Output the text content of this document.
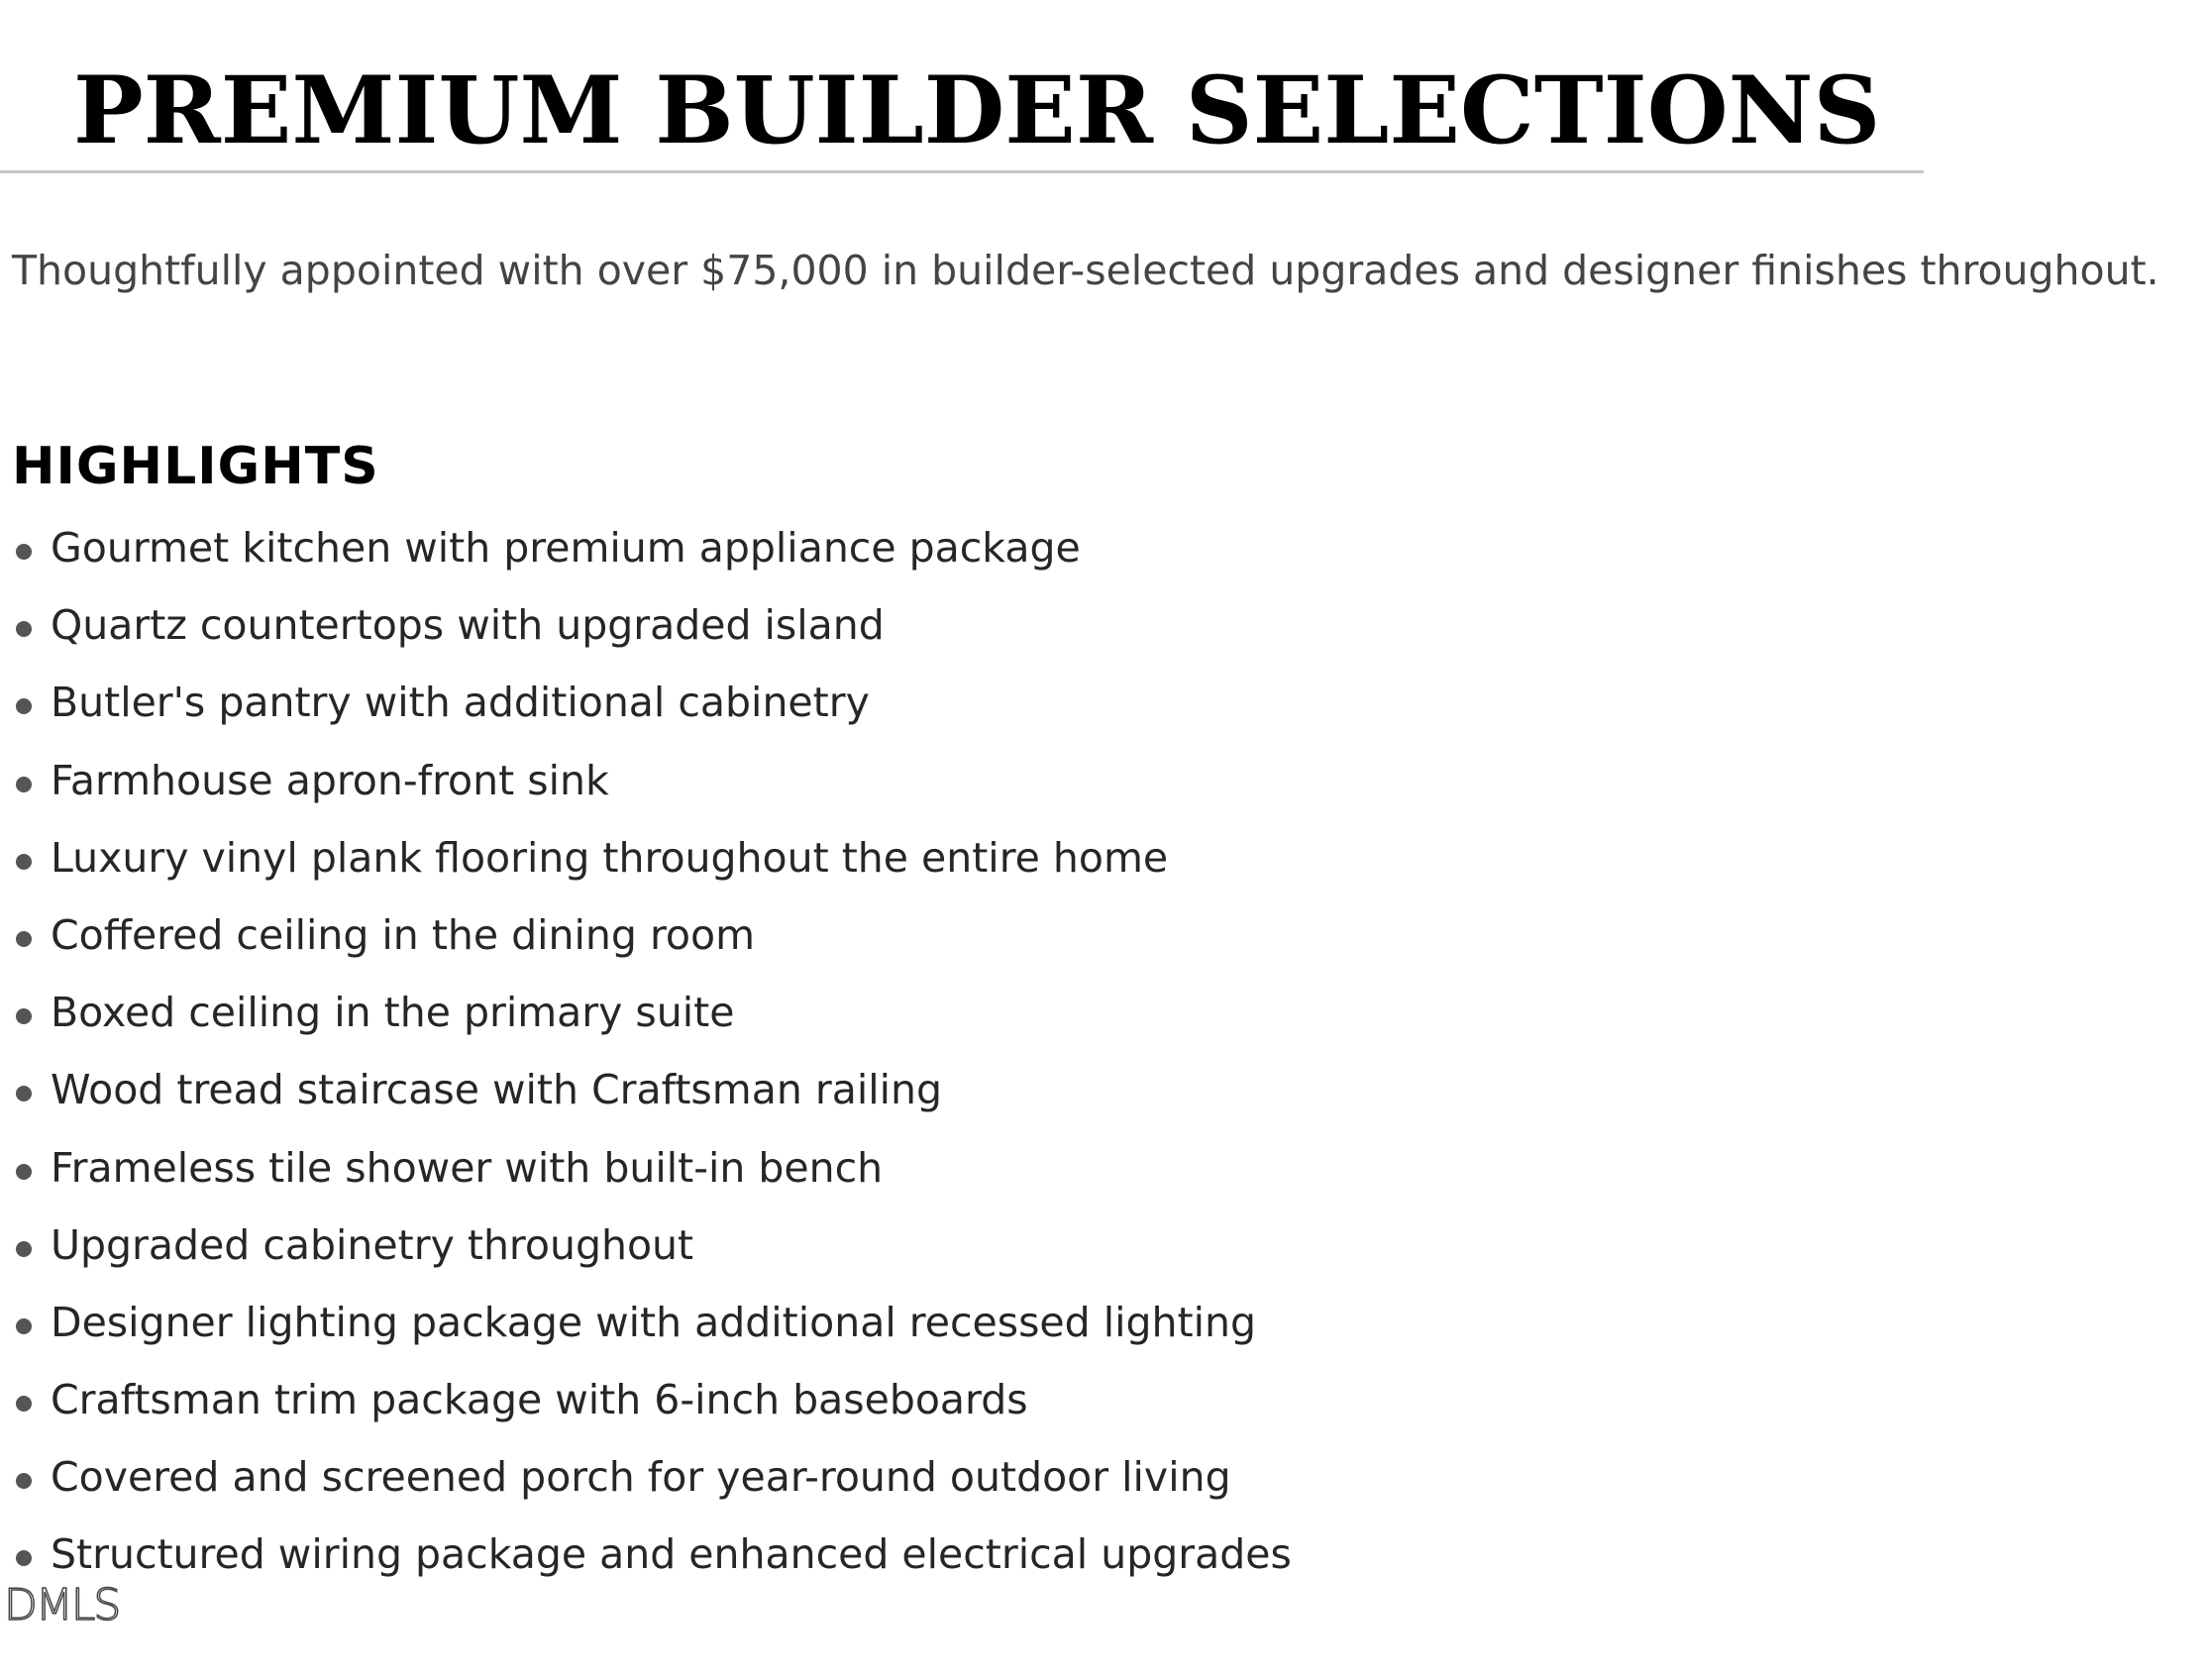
PREMIUM BUILDER SELECTIONS

Thoughtfully appointed with over $75,000 in builder-selected upgrades and designer finishes throughout.

HIGHLIGHTS
Gourmet kitchen with premium appliance package
Quartz countertops with upgraded island
Butler's pantry with additional cabinetry
Farmhouse apron-front sink
Luxury vinyl plank flooring throughout the entire home
Coffered ceiling in the dining room
Boxed ceiling in the primary suite
Wood tread staircase with Craftsman railing
Frameless tile shower with built-in bench
Upgraded cabinetry throughout
Designer lighting package with additional recessed lighting
Craftsman trim package with 6-inch baseboards
Covered and screened porch for year-round outdoor living
Structured wiring package and enhanced electrical upgrades
DMLS
